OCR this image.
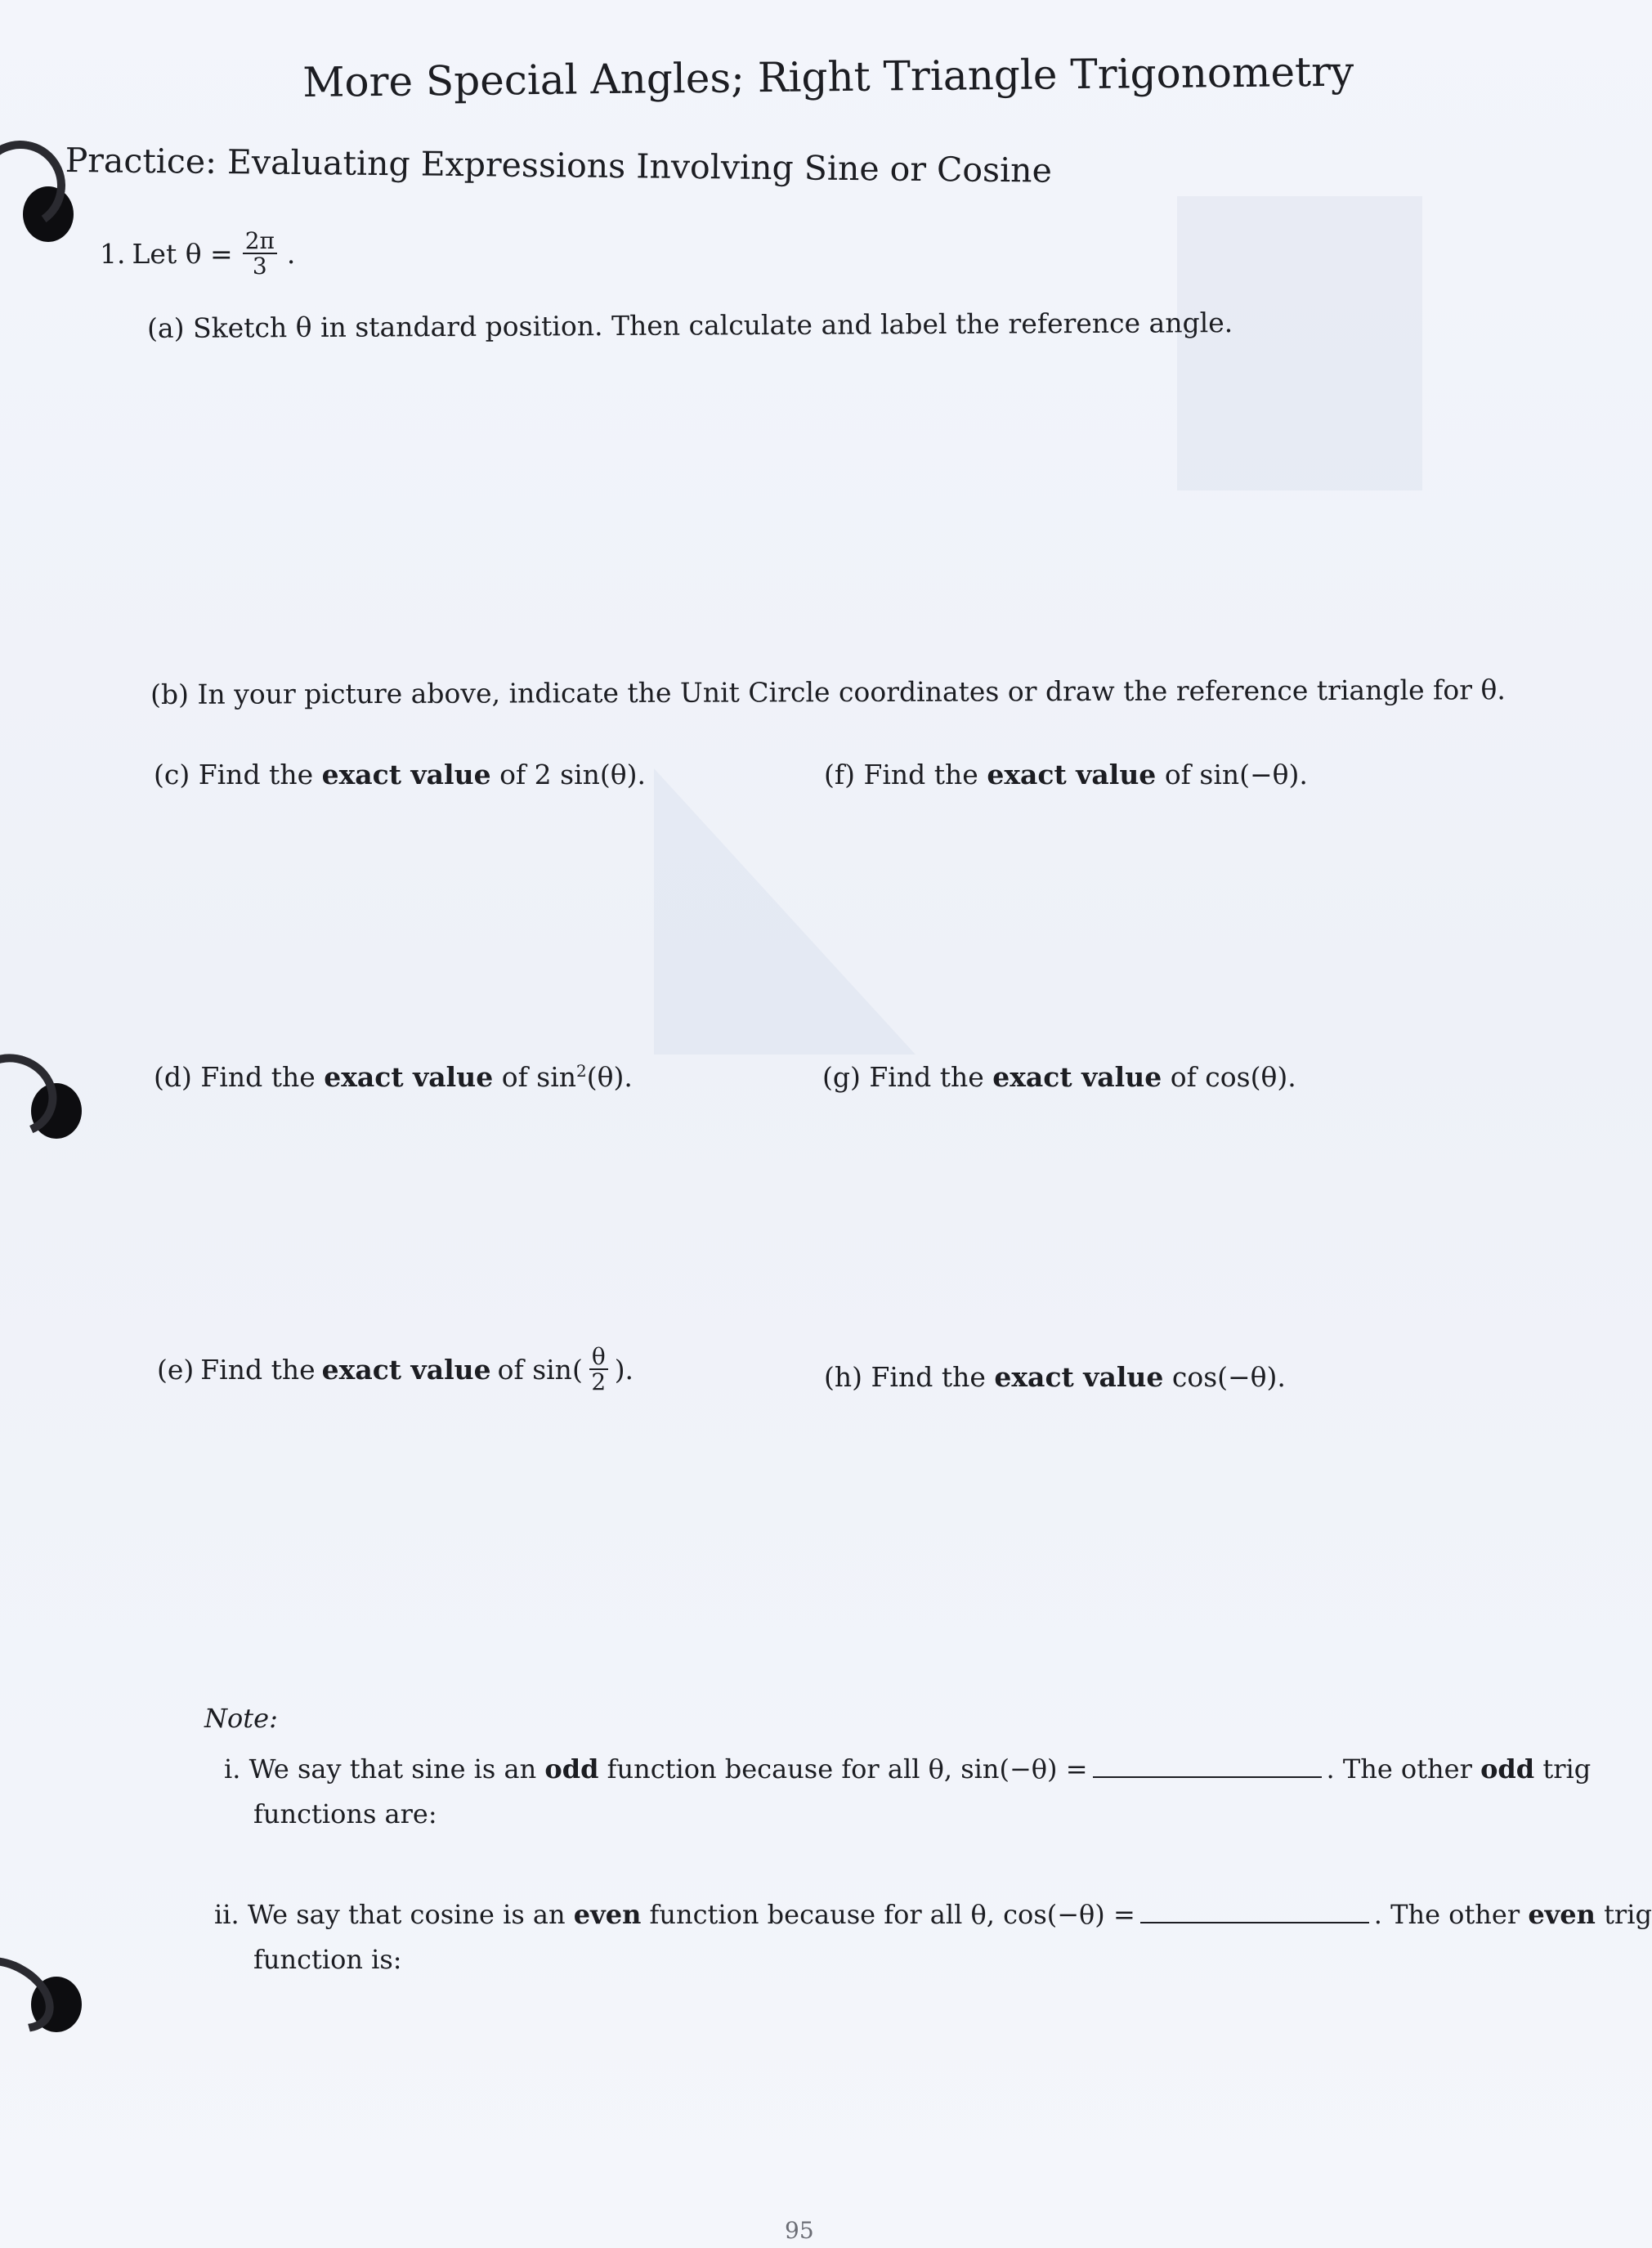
More Special Angles; Right Triangle Trigonometry
Practice: Evaluating Expressions Involving Sine or Cosine
1. Let $\theta = \frac{2\pi}{3}$ .
(a) Sketch θ in standard position. Then calculate and label the reference angle.
(b) In your picture above, indicate the Unit Circle coordinates or draw the reference triangle for θ.
(c) Find the exact value of 2 sin(θ).	(f) Find the exact value of sin(−θ).
(d) Find the exact value of $\sin^2(\theta)$.	(g) Find the exact value of cos(θ).
(e) Find the exact value of $\sin( \frac{\theta}{2}$ ).	(h) Find the exact value cos(−θ).
Note:
i. We say that sine is an odd function because for all θ, sin(−θ) =	. The other odd trig
functions are:
ii. We say that cosine is an even function because for all θ, cos(−θ) =	. The other even trig
function is:
95
